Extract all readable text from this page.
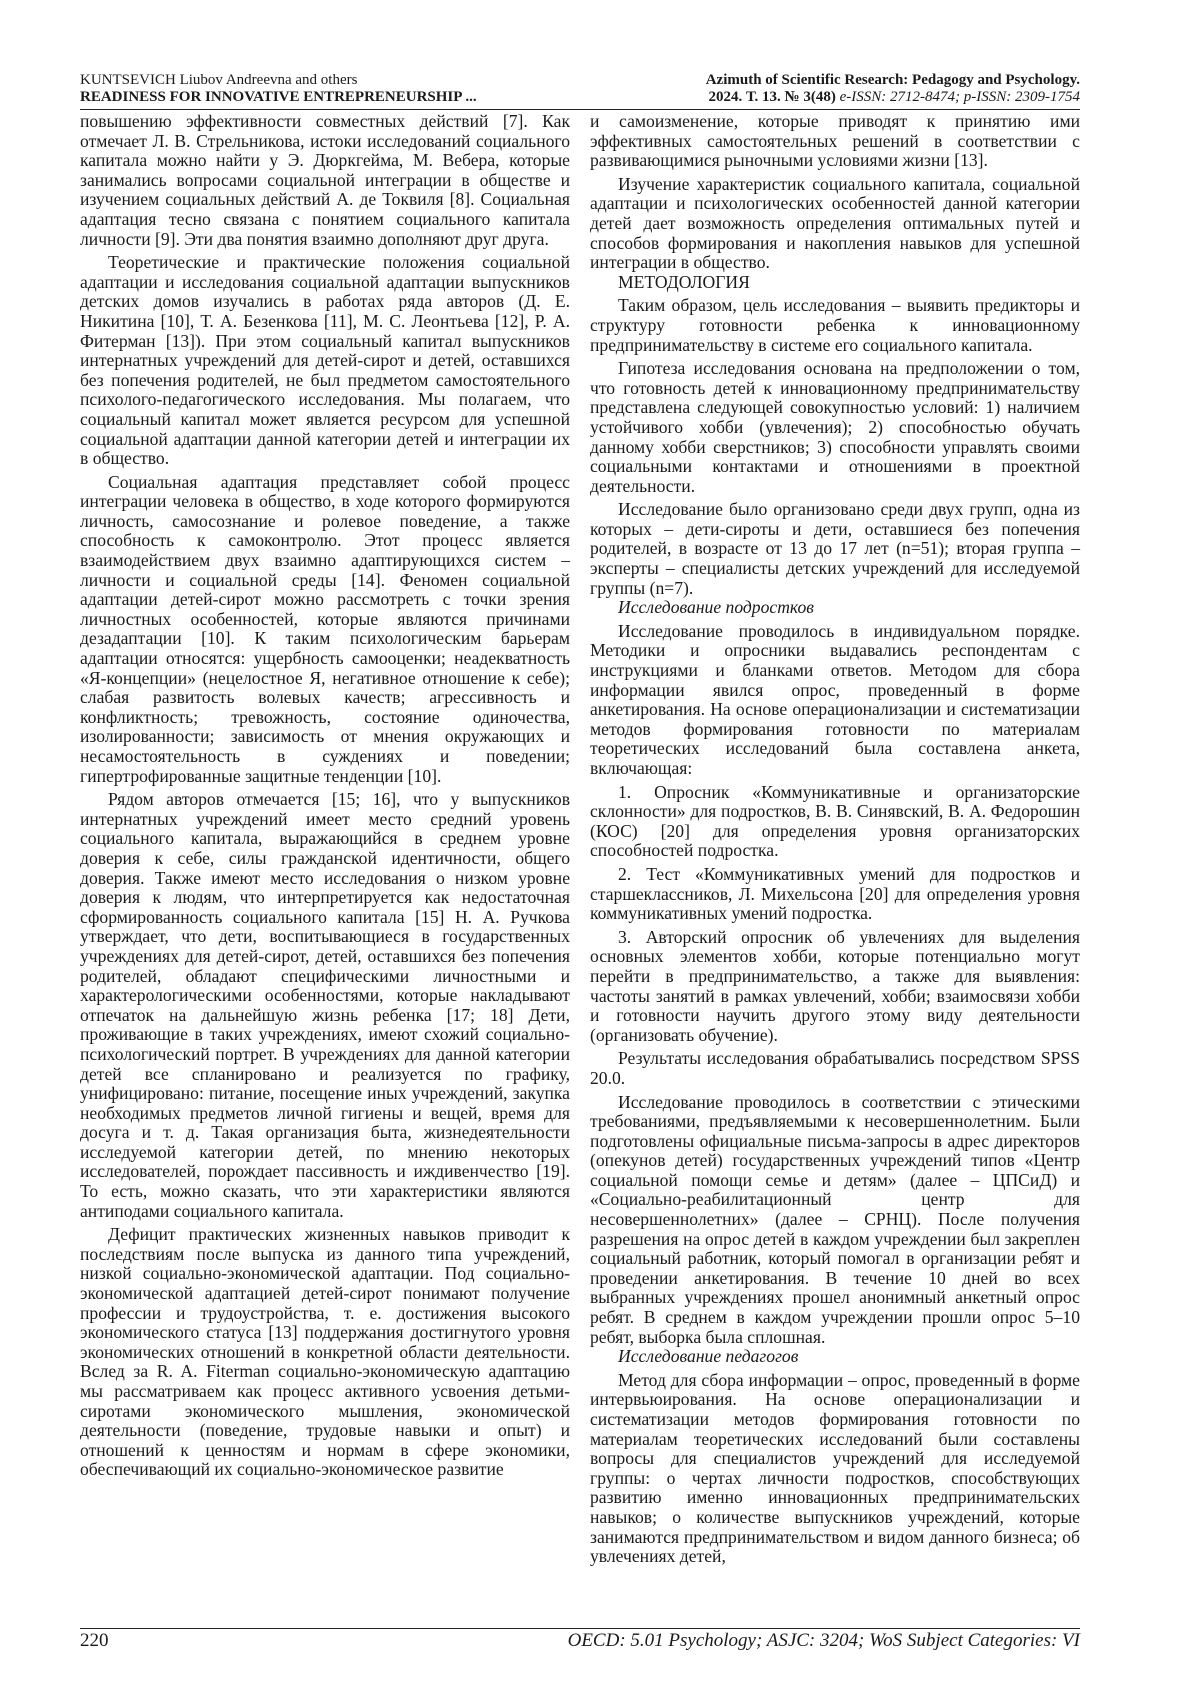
KUNTSEVICH Liubov Andreevna and others
READINESS FOR INNOVATIVE ENTREPRENEURSHIP ...
Azimuth of Scientific Research: Pedagogy and Psychology.
2024. Т. 13. № 3(48) e-ISSN: 2712-8474; p-ISSN: 2309-1754

повышению эффективности совместных действий [7]. Как отмечает Л. В. Стрельникова, истоки исследований социального капитала можно найти у Э. Дюркгейма, М. Вебера, которые занимались вопросами социальной интеграции в обществе и изучением социальных действий А. де Токвиля [8]. Социальная адаптация тесно связана с понятием социального капитала личности [9]. Эти два понятия взаимно дополняют друг друга.

Теоретические и практические положения социальной адаптации и исследования социальной адаптации выпускников детских домов изучались в работах ряда авторов (Д. Е. Никитина [10], Т. А. Безенкова [11], М. С. Леонтьева [12], Р. А. Фитерман [13]). При этом социальный капитал выпускников интернатных учреждений для детей-сирот и детей, оставшихся без попечения родителей, не был предметом самостоятельного психолого-педагогического исследования. Мы полагаем, что социальный капитал может является ресурсом для успешной социальной адаптации данной категории детей и интеграции их в общество.

Социальная адаптация представляет собой процесс интеграции человека в общество, в ходе которого формируются личность, самосознание и ролевое поведение, а также способность к самоконтролю. Этот процесс является взаимодействием двух взаимно адаптирующихся систем – личности и социальной среды [14]. Феномен социальной адаптации детей-сирот можно рассмотреть с точки зрения личностных особенностей, которые являются причинами дезадаптации [10]. К таким психологическим барьерам адаптации относятся: ущербность самооценки; неадекватность «Я-концепции» (нецелостное Я, негативное отношение к себе); слабая развитость волевых качеств; агрессивность и конфликтность; тревожность, состояние одиночества, изолированности; зависимость от мнения окружающих и несамостоятельность в суждениях и поведении; гипертрофированные защитные тенденции [10].

Рядом авторов отмечается [15; 16], что у выпускников интернатных учреждений имеет место средний уровень социального капитала, выражающийся в среднем уровне доверия к себе, силы гражданской идентичности, общего доверия. Также имеют место исследования о низком уровне доверия к людям, что интерпретируется как недостаточная сформированность социального капитала [15] Н. А. Ручкова утверждает, что дети, воспитывающиеся в государственных учреждениях для детей-сирот, детей, оставшихся без попечения родителей, обладают специфическими личностными и характерологическими особенностями, которые накладывают отпечаток на дальнейшую жизнь ребенка [17; 18] Дети, проживающие в таких учреждениях, имеют схожий социально-психологический портрет. В учреждениях для данной категории детей все спланировано и реализуется по графику, унифицировано: питание, посещение иных учреждений, закупка необходимых предметов личной гигиены и вещей, время для досуга и т. д. Такая организация быта, жизнедеятельности исследуемой категории детей, по мнению некоторых исследователей, порождает пассивность и иждивенчество [19]. То есть, можно сказать, что эти характеристики являются антиподами социального капитала.

Дефицит практических жизненных навыков приводит к последствиям после выпуска из данного типа учреждений, низкой социально-экономической адаптации. Под социально-экономической адаптацией детей-сирот понимают получение профессии и трудоустройства, т. е. достижения высокого экономического статуса [13] поддержания достигнутого уровня экономических отношений в конкретной области деятельности. Вслед за R. A. Fiterman социально-экономическую адаптацию мы рассматриваем как процесс активного усвоения детьми-сиротами экономического мышления, экономической деятельности (поведение, трудовые навыки и опыт) и отношений к ценностям и нормам в сфере экономики, обеспечивающий их социально-экономическое развитие

и самоизменение, которые приводят к принятию ими эффективных самостоятельных решений в соответствии с развивающимися рыночными условиями жизни [13].

Изучение характеристик социального капитала, социальной адаптации и психологических особенностей данной категории детей дает возможность определения оптимальных путей и способов формирования и накопления навыков для успешной интеграции в общество.

МЕТОДОЛОГИЯ

Таким образом, цель исследования – выявить предикторы и структуру готовности ребенка к инновационному предпринимательству в системе его социального капитала.

Гипотеза исследования основана на предположении о том, что готовность детей к инновационному предпринимательству представлена следующей совокупностью условий: 1) наличием устойчивого хобби (увлечения); 2) способностью обучать данному хобби сверстников; 3) способности управлять своими социальными контактами и отношениями в проектной деятельности.

Исследование было организовано среди двух групп, одна из которых – дети-сироты и дети, оставшиеся без попечения родителей, в возрасте от 13 до 17 лет (n=51); вторая группа – эксперты – специалисты детских учреждений для исследуемой группы (n=7).

Исследование подростков

Исследование проводилось в индивидуальном порядке. Методики и опросники выдавались респондентам с инструкциями и бланками ответов. Методом для сбора информации явился опрос, проведенный в форме анкетирования. На основе операционализации и систематизации методов формирования готовности по материалам теоретических исследований была составлена анкета, включающая:

1. Опросник «Коммуникативные и организаторские склонности» для подростков, В. В. Синявский, В. А. Федорошин (КОС) [20] для определения уровня организаторских способностей подростка.

2. Тест «Коммуникативных умений для подростков и старшеклассников, Л. Михельсона [20] для определения уровня коммуникативных умений подростка.

3. Авторский опросник об увлечениях для выделения основных элементов хобби, которые потенциально могут перейти в предпринимательство, а также для выявления: частоты занятий в рамках увлечений, хобби; взаимосвязи хобби и готовности научить другого этому виду деятельности (организовать обучение).

Результаты исследования обрабатывались посредством SPSS 20.0.

Исследование проводилось в соответствии с этическими требованиями, предъявляемыми к несовершеннолетним. Были подготовлены официальные письма-запросы в адрес директоров (опекунов детей) государственных учреждений типов «Центр социальной помощи семье и детям» (далее – ЦПСиД) и «Социально-реабилитационный центр для несовершеннолетних» (далее – СРНЦ). После получения разрешения на опрос детей в каждом учреждении был закреплен социальный работник, который помогал в организации ребят и проведении анкетирования. В течение 10 дней во всех выбранных учреждениях прошел анонимный анкетный опрос ребят. В среднем в каждом учреждении прошли опрос 5–10 ребят, выборка была сплошная.

Исследование педагогов

Метод для сбора информации – опрос, проведенный в форме интервьюирования. На основе операционализации и систематизации методов формирования готовности по материалам теоретических исследований были составлены вопросы для специалистов учреждений для исследуемой группы: о чертах личности подростков, способствующих развитию именно инновационных предпринимательских навыков; о количестве выпускников учреждений, которые занимаются предпринимательством и видом данного бизнеса; об увлечениях детей,

220	OECD: 5.01 Psychology; ASJC: 3204; WoS Subject Categories: VI
